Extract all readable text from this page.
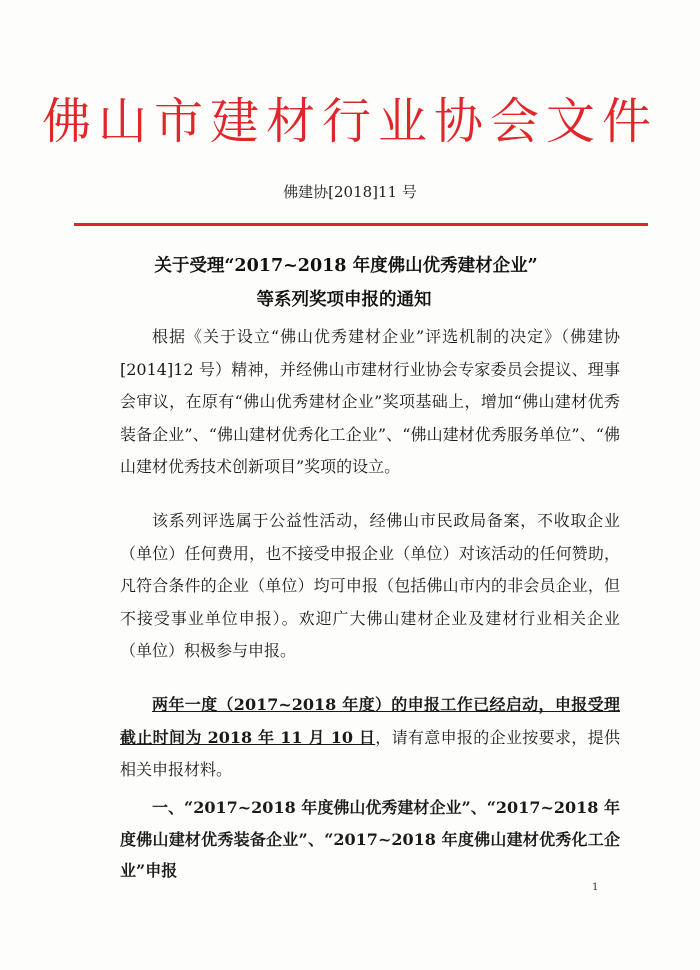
佛山市建材行业协会文件
佛建协[2018]11 号
关于受理“2017~2018 年度佛山优秀建材企业”
等系列奖项申报的通知
根据《关于设立“佛山优秀建材企业”评选机制的决定》（佛建协[2014]12 号）精神，并经佛山市建材行业协会专家委员会提议、理事会审议，在原有“佛山优秀建材企业”奖项基础上，增加“佛山建材优秀装备企业”、“佛山建材优秀化工企业”、“佛山建材优秀服务单位”、“佛山建材优秀技术创新项目”奖项的设立。
该系列评选属于公益性活动，经佛山市民政局备案，不收取企业（单位）任何费用，也不接受申报企业（单位）对该活动的任何赞助，凡符合条件的企业（单位）均可申报（包括佛山市内的非会员企业，但不接受事业单位申报）。欢迎广大佛山建材企业及建材行业相关企业（单位）积极参与申报。
两年一度（2017~2018 年度）的申报工作已经启动，申报受理截止时间为 2018 年 11 月 10 日，请有意申报的企业按要求，提供相关申报材料。
一、“2017~2018 年度佛山优秀建材企业”、“2017~2018 年度佛山建材优秀装备企业”、“2017~2018 年度佛山建材优秀化工企业”申报
1
